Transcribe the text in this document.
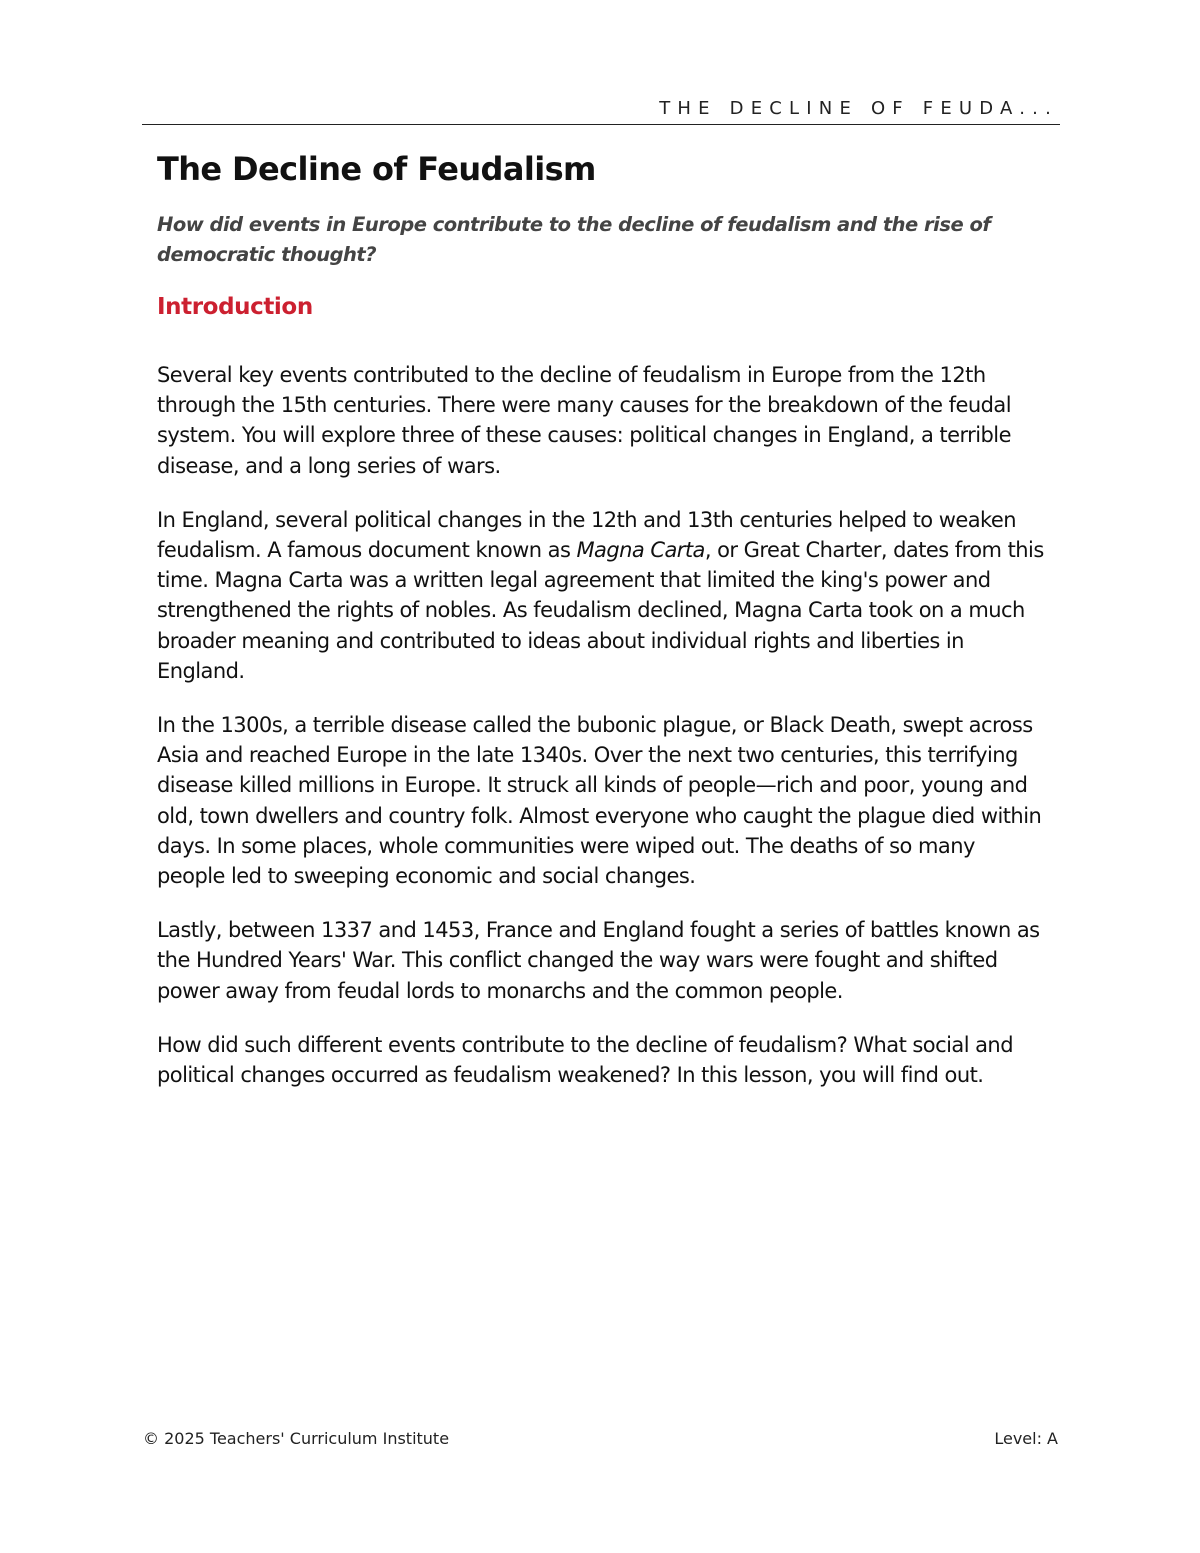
THE DECLINE OF FEUDA...
The Decline of Feudalism

How did events in Europe contribute to the decline of feudalism and the rise of democratic thought?

Introduction

Several key events contributed to the decline of feudalism in Europe from the 12th through the 15th centuries. There were many causes for the breakdown of the feudal system. You will explore three of these causes: political changes in England, a terrible disease, and a long series of wars.

In England, several political changes in the 12th and 13th centuries helped to weaken feudalism. A famous document known as Magna Carta, or Great Charter, dates from this time. Magna Carta was a written legal agreement that limited the king's power and strengthened the rights of nobles. As feudalism declined, Magna Carta took on a much broader meaning and contributed to ideas about individual rights and liberties in England.

In the 1300s, a terrible disease called the bubonic plague, or Black Death, swept across Asia and reached Europe in the late 1340s. Over the next two centuries, this terrifying disease killed millions in Europe. It struck all kinds of people—rich and poor, young and old, town dwellers and country folk. Almost everyone who caught the plague died within days. In some places, whole communities were wiped out. The deaths of so many people led to sweeping economic and social changes.

Lastly, between 1337 and 1453, France and England fought a series of battles known as the Hundred Years' War. This conflict changed the way wars were fought and shifted power away from feudal lords to monarchs and the common people.

How did such different events contribute to the decline of feudalism? What social and political changes occurred as feudalism weakened? In this lesson, you will find out.

© 2025 Teachers' Curriculum Institute	Level: A
